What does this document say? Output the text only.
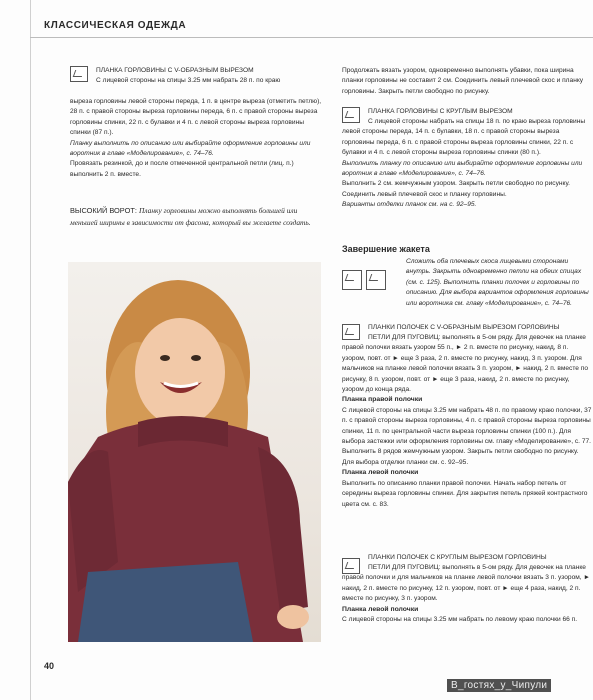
КЛАССИЧЕСКАЯ ОДЕЖДА

ПЛАНКА ГОРЛОВИНЫ С V-ОБРАЗНЫМ ВЫРЕЗОМ

С лицевой стороны на спицы 3.25 мм набрать 28 п. по краю

выреза горловины левой стороны переда, 1 п. в центре выреза (отметить петлю), 28 п. с правой стороны выреза горловины переда, 6 п. с правой стороны выреза горловины спинки, 22 п. с булавки и 4 п. с левой стороны выреза горловины спинки (87 п.).

Планку выполнить по описанию или выбирайте оформление горловины или воротник в главе «Моделирование», с. 74–76.

Провязать резинкой, до и после отмеченной центральной петли (лиц. п.) выполнить 2 п. вместе.

ВЫСОКИЙ ВОРОТ: Планку горловины можно выполнять большей или меньшей ширины в зависимости от фасона, который вы желаете создать.

Продолжать вязать узором, одновременно выполнять убавки, пока ширина планки горловины не составит 2 см. Соединить левый плечевой скос и планку горловины. Закрыть петли свободно по рисунку.

ПЛАНКА ГОРЛОВИНЫ С КРУГЛЫМ ВЫРЕЗОМ

С лицевой стороны набрать на спицы 18 п. по краю выреза горловины левой стороны переда, 14 п. с булавки, 18 п. с правой стороны выреза горловины переда, 6 п. с правой стороны выреза горловины спинки, 22 п. с булавки и 4 п. с левой стороны выреза горловины спинки (80 п.).

Выполнить планку по описанию или выбирайте оформление горловины или воротник в главе «Моделирование», с. 74–76.

Выполнить 2 см. жемчужным узором. Закрыть петли свободно по рисунку. Соединить левый плечевой скос и планку горловины.

Варианты отделки планок см. на с. 92–95.

Завершение жакета

Сложить оба плечевых скоса лицевыми сторонами внутрь. Закрыть одновременно петли на обеих спицах (см. с. 125). Выполнить планки полочек и горловины по описанию. Для выбора вариантов оформления горловины или воротника см. главу «Моделирование», с. 74–76.

ПЛАНКИ ПОЛОЧЕК С V-ОБРАЗНЫМ ВЫРЕЗОМ ГОРЛОВИНЫ

ПЕТЛИ ДЛЯ ПУГОВИЦ: выполнять в 5-ом ряду. Для девочек на планке правой полочки вязать узором 55 п., ► 2 п. вместе по рисунку, накид, 8 п. узором, повт. от ► еще 3 раза, 2 п. вместе по рисунку, накид, 3 п. узором. Для мальчиков на планке левой полочки вязать 3 п. узором, ► накид, 2 п. вместе по рисунку, 8 п. узором, повт. от ► еще 3 раза, накид, 2 п. вместе по рисунку, узором до конца ряда.

Планка правой полочки

С лицевой стороны на спицы 3.25 мм набрать 48 п. по правому краю полочки, 37 п. с правой стороны выреза горловины, 4 п. с правой стороны выреза горловины спинки, 11 п. по центральной части выреза горловины спинки (100 п.). Для выбора застежки или оформления горловины см. главу «Моделирование», с. 77. Выполнить 8 рядов жемчужным узором. Закрыть петли свободно по рисунку. Для выбора отделки планки см. с. 92–95.

Планка левой полочки

Выполнить по описанию планки правой полочки. Начать набор петель от середины выреза горловины спинки. Для закрытия петель пряжей контрастного цвета см. с. 83.

ПЛАНКИ ПОЛОЧЕК С КРУГЛЫМ ВЫРЕЗОМ ГОРЛОВИНЫ

ПЕТЛИ ДЛЯ ПУГОВИЦ: выполнять в 5-ом ряду. Для девочек на планке правой полочки и для мальчиков на планке левой полочки вязать 3 п. узором, ► накид, 2 п. вместе по рисунку, 12 п. узором, повт. от ► еще 4 раза, накид, 2 п. вместе по рисунку, 3 п. узором.

Планка левой полочки

С лицевой стороны на спицы 3.25 мм набрать по левому краю полочки 66 п.

40
В_гостях_у_Чипули
